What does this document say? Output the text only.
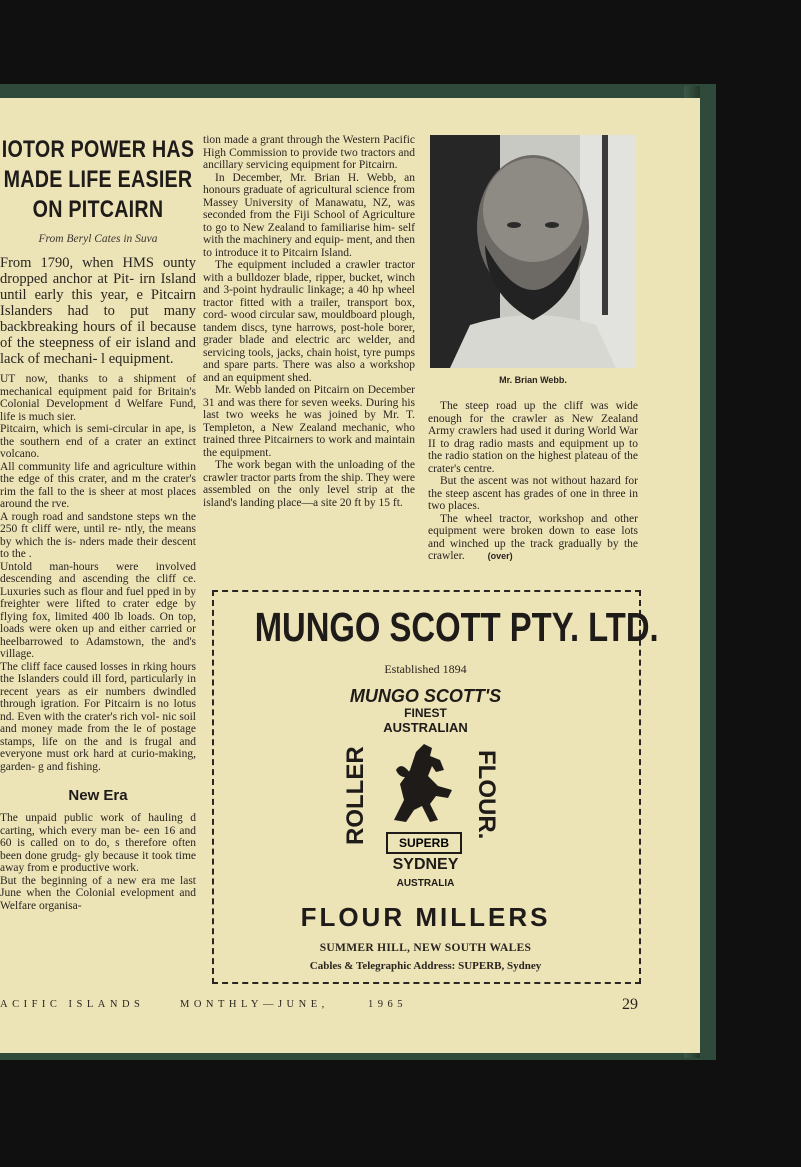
IOTOR POWER HAS
MADE LIFE EASIER
ON PITCAIRN
From Beryl Cates in Suva

From 1790, when HMS ounty dropped anchor at Pit- irn Island until early this year, e Pitcairn Islanders had to put many backbreaking hours of il because of the steepness of eir island and lack of mechani- l equipment.

UT now, thanks to a shipment of mechanical equipment paid for Britain's Colonial Development d Welfare Fund, life is much sier.

Pitcairn, which is semi-circular in ape, is the southern end of a crater an extinct volcano.

All community life and agriculture within the edge of this crater, and m the crater's rim the fall to the is sheer at most places around the rve.

A rough road and sandstone steps wn the 250 ft cliff were, until re- ntly, the means by which the is- nders made their descent to the .

Untold man-hours were involved descending and ascending the cliff ce. Luxuries such as flour and fuel pped in by freighter were lifted to crater edge by flying fox, limited 400 lb loads. On top, loads were oken up and either carried or heelbarrowed to Adamstown, the and's village.

The cliff face caused losses in rking hours the Islanders could ill ford, particularly in recent years as eir numbers dwindled through igration. For Pitcairn is no lotus nd. Even with the crater's rich vol- nic soil and money made from the le of postage stamps, life on the and is frugal and everyone must ork hard at curio-making, garden- g and fishing.

New Era

The unpaid public work of hauling d carting, which every man be- een 16 and 60 is called on to do, s therefore often been done grudg- gly because it took time away from e productive work.

But the beginning of a new era me last June when the Colonial evelopment and Welfare organisa-

tion made a grant through the Western Pacific High Commission to provide two tractors and ancillary servicing equipment for Pitcairn.

In December, Mr. Brian H. Webb, an honours graduate of agricultural science from Massey University of Manawatu, NZ, was seconded from the Fiji School of Agriculture to go to New Zealand to familiarise him- self with the machinery and equip- ment, and then to introduce it to Pitcairn Island.

The equipment included a crawler tractor with a bulldozer blade, ripper, bucket, winch and 3-point hydraulic linkage; a 40 hp wheel tractor fitted with a trailer, transport box, cord- wood circular saw, mouldboard plough, tandem discs, tyne harrows, post-hole borer, grader blade and electric arc welder, and servicing tools, jacks, chain hoist, tyre pumps and spare parts. There was also a workshop and an equipment shed.

Mr. Webb landed on Pitcairn on December 31 and was there for seven weeks. During his last two weeks he was joined by Mr. T. Templeton, a New Zealand mechanic, who trained three Pitcairners to work and maintain the equipment.

The work began with the unloading of the crawler tractor parts from the ship. They were assembled on the only level strip at the island's landing place—a site 20 ft by 15 ft.

Mr. Brian Webb.

The steep road up the cliff was wide enough for the crawler as New Zealand Army crawlers had used it during World War II to drag radio masts and equipment up to the radio station on the highest plateau of the crater's centre.

But the ascent was not without hazard for the steep ascent has grades of one in three in two places.

The wheel tractor, workshop and other equipment were broken down to ease lots and winched up the track gradually by the crawler.	(over)

MUNGO SCOTT PTY. LTD.
Established 1894
MUNGO SCOTT'S
FINEST
AUSTRALIAN
ROLLER	FLOUR.
SUPERB
SYDNEY
AUSTRALIA
FLOUR MILLERS
SUMMER HILL, NEW SOUTH WALES
Cables & Telegraphic Address: SUPERB, Sydney
ACIFIC ISLANDS	MONTHLY—JUNE,	1965	29
